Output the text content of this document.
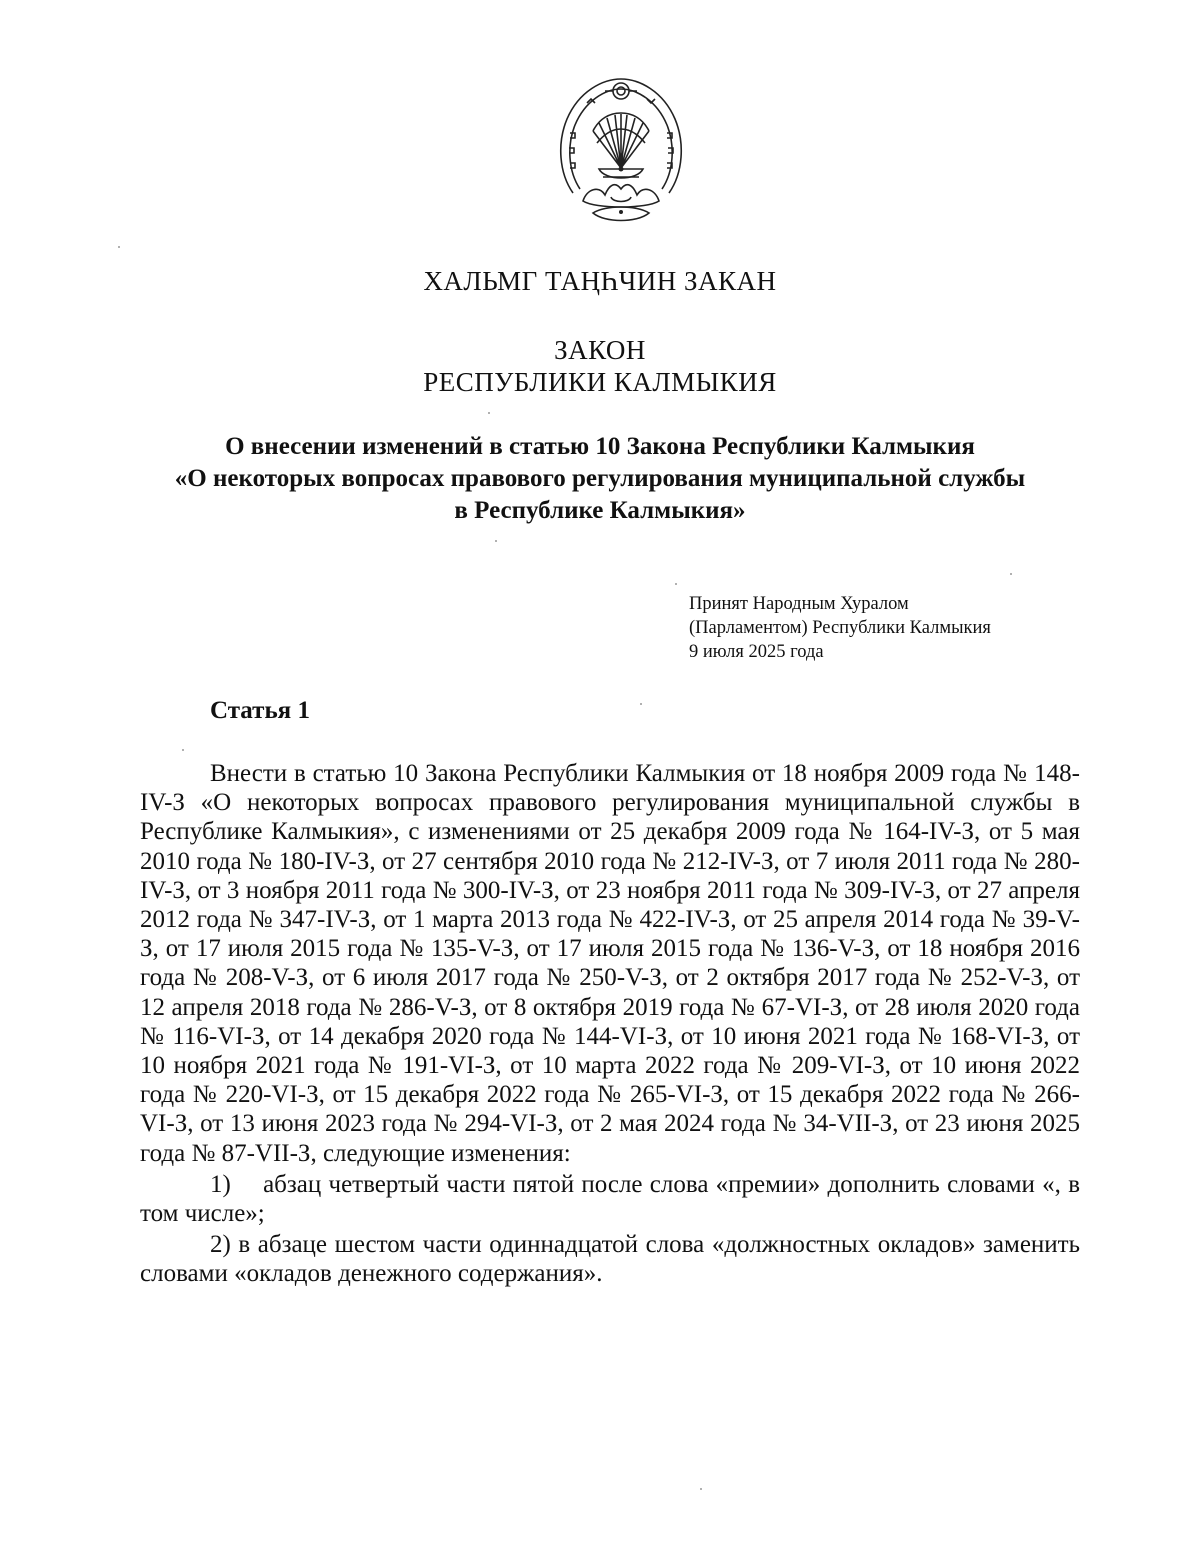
ХАЛЬМГ ТАҢҺЧИН ЗАКАН
ЗАКОН
РЕСПУБЛИКИ КАЛМЫКИЯ
О внесении изменений в статью 10 Закона Республики Калмыкия
«О некоторых вопросах правового регулирования муниципальной службы
в Республике Калмыкия»
Принят Народным Хуралом
(Парламентом) Республики Калмыкия
9 июля 2025 года
Статья 1

Внести в статью 10 Закона Республики Калмыкия от 18 ноября 2009 года № 148-IV-З «О некоторых вопросах правового регулирования муниципальной службы в Республике Калмыкия», с изменениями от 25 декабря 2009 года № 164-IV-З, от 5 мая 2010 года № 180-IV-З, от 27 сентября 2010 года № 212-IV-З, от 7 июля 2011 года № 280-IV-З, от 3 ноября 2011 года № 300-IV-З, от 23 ноября 2011 года № 309-IV-З, от 27 апреля 2012 года № 347-IV-З, от 1 марта 2013 года № 422-IV-З, от 25 апреля 2014 года № 39-V-З, от 17 июля 2015 года № 135-V-З, от 17 июля 2015 года № 136-V-З, от 18 ноября 2016 года № 208-V-З, от 6 июля 2017 года № 250-V-З, от 2 октября 2017 года № 252-V-З, от 12 апреля 2018 года № 286-V-З, от 8 октября 2019 года № 67-VI-З, от 28 июля 2020 года № 116-VI-З, от 14 декабря 2020 года № 144-VI-З, от 10 июня 2021 года № 168-VI-З, от 10 ноября 2021 года № 191-VI-З, от 10 марта 2022 года № 209-VI-З, от 10 июня 2022 года № 220-VI-З, от 15 декабря 2022 года № 265-VI-З, от 15 декабря 2022 года № 266-VI-З, от 13 июня 2023 года № 294-VI-З, от 2 мая 2024 года № 34-VII-З, от 23 июня 2025 года № 87-VII-З, следующие изменения:

1)  абзац четвертый части пятой после слова «премии» дополнить словами «, в том числе»;

2) в абзаце шестом части одиннадцатой слова «должностных окладов» заменить словами «окладов денежного содержания».
